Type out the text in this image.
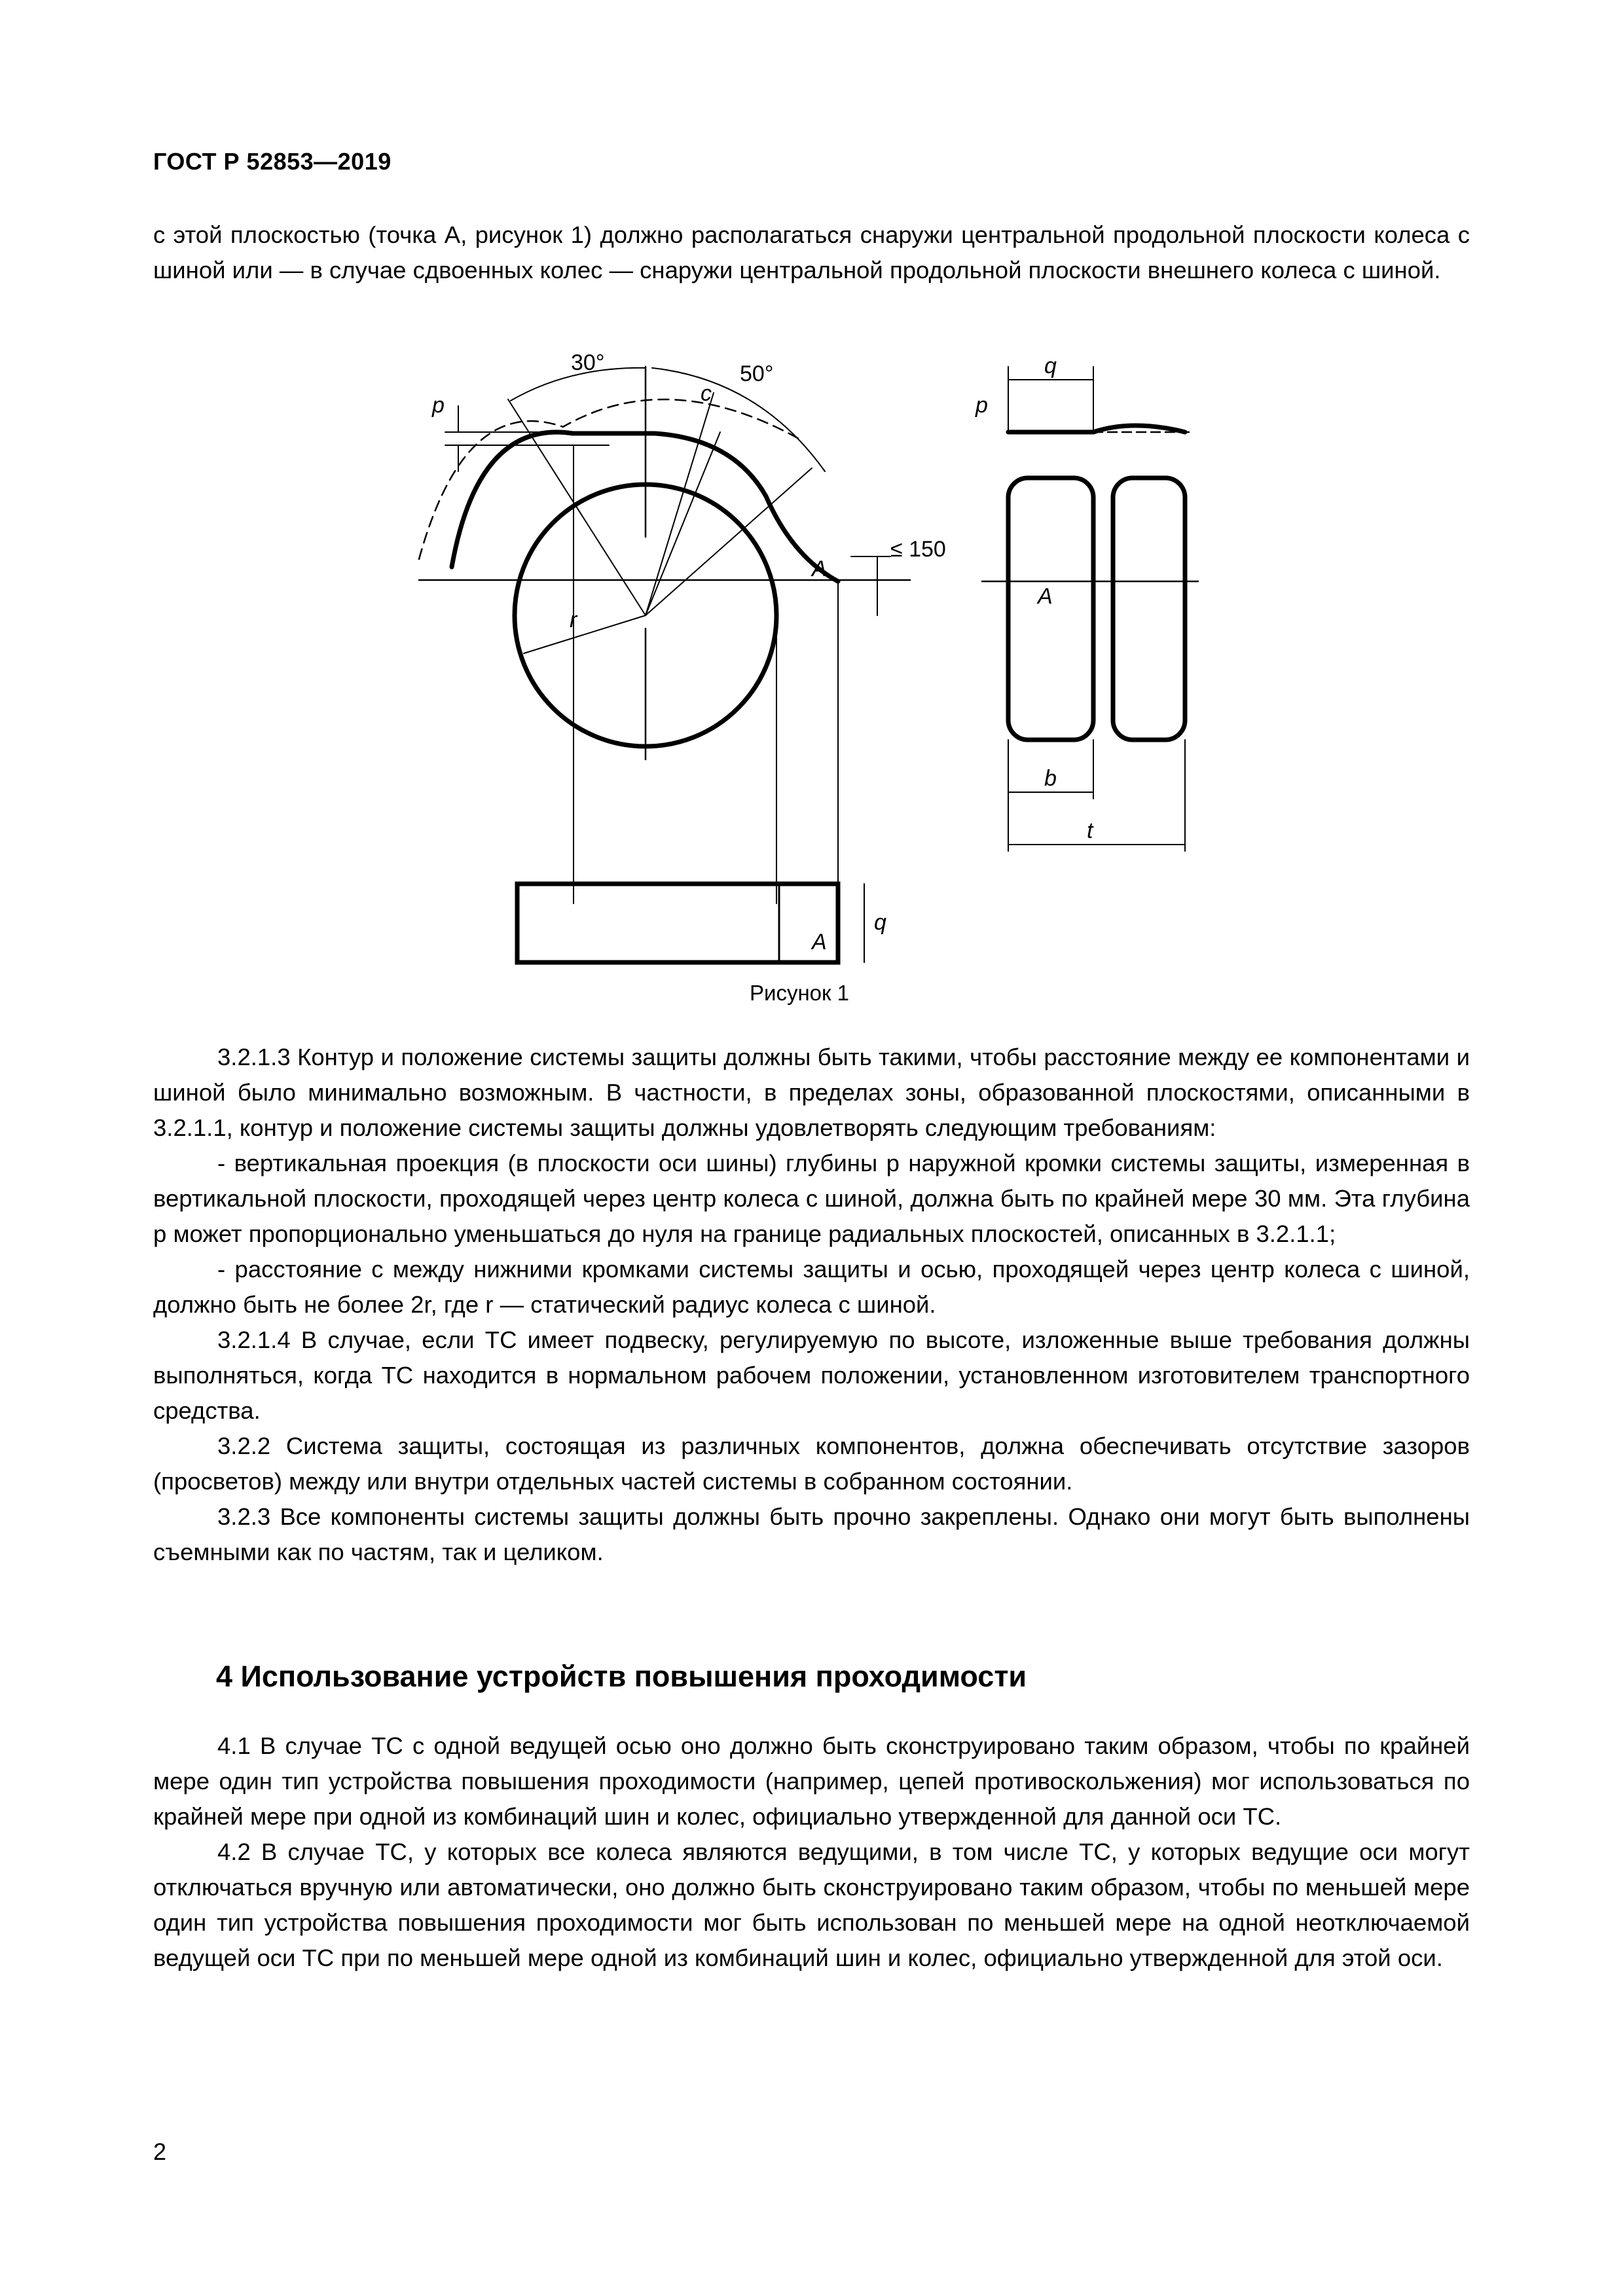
ГОСТ Р 52853—2019

с этой плоскостью (точка А, рисунок 1) должно располагаться снаружи центральной продольной плоскости колеса с шиной или — в случае сдвоенных колес — снаружи центральной продольной плоскости внешнего колеса с шиной.

30°	50°
c
p
r
A
≤ 150
A
q
p
b
t
A
q
Рисунок 1

3.2.1.3 Контур и положение системы защиты должны быть такими, чтобы расстояние между ее компонентами и шиной было минимально возможным. В частности, в пределах зоны, образованной плоскостями, описанными в 3.2.1.1, контур и положение системы защиты должны удовлетворять следующим требованиям:

- вертикальная проекция (в плоскости оси шины) глубины p наружной кромки системы защиты, измеренная в вертикальной плоскости, проходящей через центр колеса с шиной, должна быть по крайней мере 30 мм. Эта глубина p может пропорционально уменьшаться до нуля на границе радиальных плоскостей, описанных в 3.2.1.1;

- расстояние c между нижними кромками системы защиты и осью, проходящей через центр колеса с шиной, должно быть не более 2r, где r — статический радиус колеса с шиной.

3.2.1.4 В случае, если ТС имеет подвеску, регулируемую по высоте, изложенные выше требования должны выполняться, когда ТС находится в нормальном рабочем положении, установленном изготовителем транспортного средства.

3.2.2 Система защиты, состоящая из различных компонентов, должна обеспечивать отсутствие зазоров (просветов) между или внутри отдельных частей системы в собранном состоянии.

3.2.3 Все компоненты системы защиты должны быть прочно закреплены. Однако они могут быть выполнены съемными как по частям, так и целиком.

4 Использование устройств повышения проходимости

4.1 В случае ТС с одной ведущей осью оно должно быть сконструировано таким образом, чтобы по крайней мере один тип устройства повышения проходимости (например, цепей противоскольжения) мог использоваться по крайней мере при одной из комбинаций шин и колес, официально утвержденной для данной оси ТС.

4.2 В случае ТС, у которых все колеса являются ведущими, в том числе ТС, у которых ведущие оси могут отключаться вручную или автоматически, оно должно быть сконструировано таким образом, чтобы по меньшей мере один тип устройства повышения проходимости мог быть использован по меньшей мере на одной неотключаемой ведущей оси ТС при по меньшей мере одной из комбинаций шин и колес, официально утвержденной для этой оси.

2
